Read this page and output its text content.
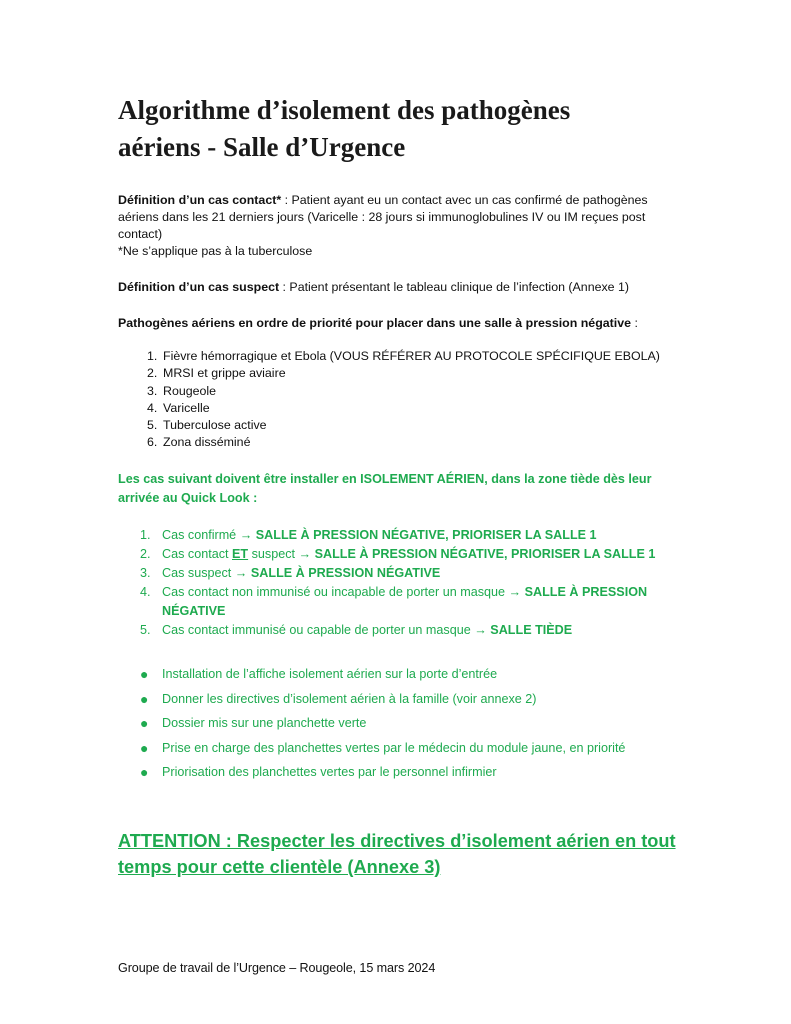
Algorithme d’isolement des pathogènes
aériens - Salle d’Urgence
Définition d’un cas contact* : Patient ayant eu un contact avec un cas confirmé de pathogènes aériens dans les 21 derniers jours (Varicelle : 28 jours si immunoglobulines IV ou IM reçues post contact)
*Ne s’applique pas à la tuberculose
Définition d’un cas suspect : Patient présentant le tableau clinique de l’infection (Annexe 1)
Pathogènes aériens en ordre de priorité pour placer dans une salle à pression négative :
1. Fièvre hémorragique et Ebola (VOUS RÉFÉRER AU PROTOCOLE SPÉCIFIQUE EBOLA)
2. MRSI et grippe aviaire
3. Rougeole
4. Varicelle
5. Tuberculose active
6. Zona disséminé
Les cas suivant doivent être installer en ISOLEMENT AÉRIEN, dans la zone tiède dès leur arrivée au Quick Look :
1. Cas confirmé → SALLE À PRESSION NÉGATIVE, PRIORISER LA SALLE 1
2. Cas contact ET suspect → SALLE À PRESSION NÉGATIVE, PRIORISER LA SALLE 1
3. Cas suspect → SALLE À PRESSION NÉGATIVE
4. Cas contact non immunisé ou incapable de porter un masque → SALLE À PRESSION NÉGATIVE
5. Cas contact immunisé ou capable de porter un masque → SALLE TIÈDE
●	Installation de l’affiche isolement aérien sur la porte d’entrée
●	Donner les directives d’isolement aérien à la famille (voir annexe 2)
●	Dossier mis sur une planchette verte
●	Prise en charge des planchettes vertes par le médecin du module jaune, en priorité
●	Priorisation des planchettes vertes par le personnel infirmier
ATTENTION : Respecter les directives d’isolement aérien en tout temps pour cette clientèle (Annexe 3)
Groupe de travail de l’Urgence – Rougeole, 15 mars 2024
